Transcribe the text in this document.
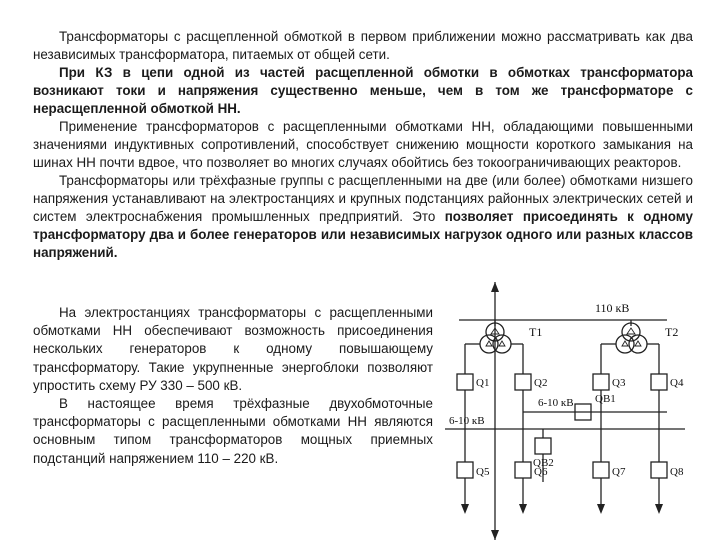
Трансформаторы с расщепленной обмоткой в первом приближении можно рассматривать как два независимых трансформатора, питаемых от общей сети.

При КЗ в цепи одной из частей расщепленной обмотки в обмотках трансформатора возникают токи и напряжения существенно меньше, чем в том же трансформаторе с нерасщепленной обмоткой НН.

Применение трансформаторов с расщепленными обмотками НН, обладающими повышенными значениями индуктивных сопротивлений, способствует снижению мощности короткого замыкания на шинах НН почти вдвое, что позволяет во многих случаях обойтись без токоограничивающих реакторов.

Трансформаторы или трёхфазные группы с расщепленными на две (или более) обмотками низшего напряжения устанавливают на электростанциях и крупных подстанциях районных электрических сетей и систем электроснабжения промышленных предприятий. Это позволяет присоединять к одному трансформатору два и более генераторов или независимых нагрузок одного или разных классов напряжений.

На электростанциях трансформаторы с расщепленными обмотками НН обеспечивают возможность присоединения нескольких генераторов к одному повышающему трансформатору. Такие укрупненные энергоблоки позволяют упростить схему РУ 330 – 500 кВ.

В настоящее время трёхфазные двухобмоточные трансформаторы с расщепленными обмотками НН являются основным типом трансформаторов мощных приемных подстанций напряжением 110 – 220 кВ.

110 кВ
T1	T2
Q1	Q2	Q3	Q4
QB1
6-10 кВ
6-10 кВ
QB2
Q5	Q6	Q7	Q8
